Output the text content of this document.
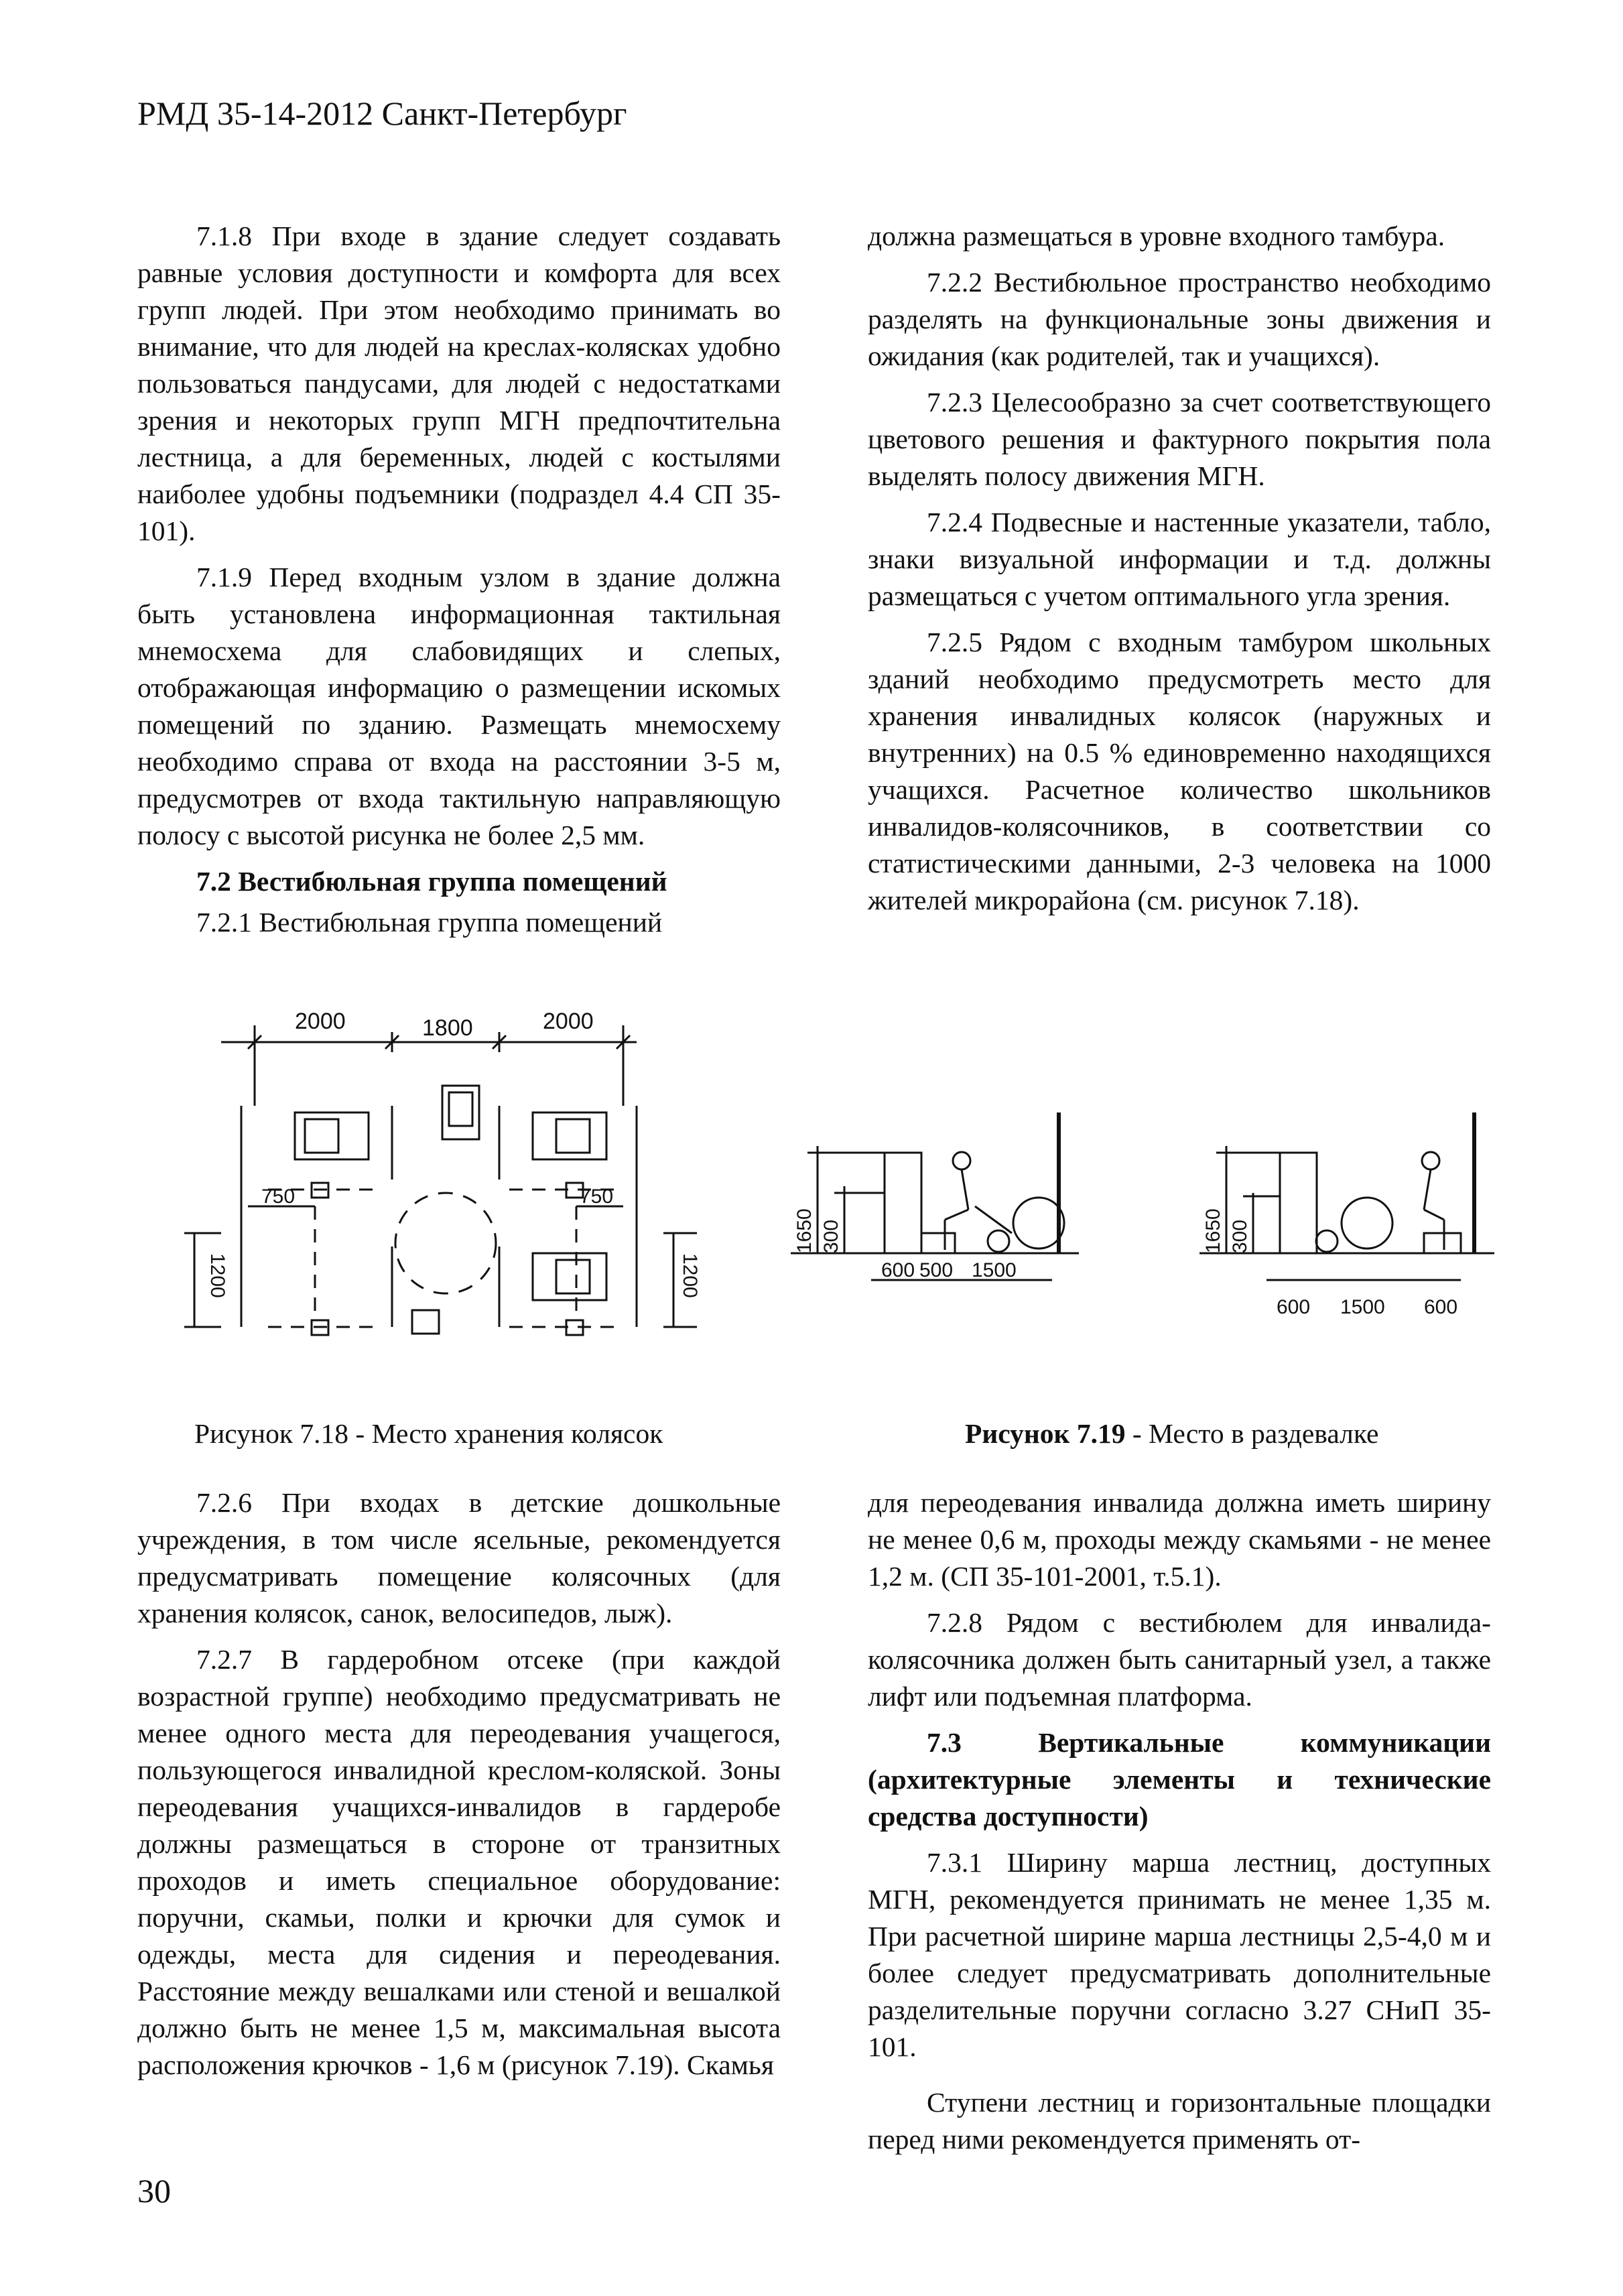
РМД 35-14-2012 Санкт-Петербург

7.1.8 При входе в здание следует создавать равные условия доступности и комфорта для всех групп людей. При этом необходимо принимать во внимание, что для людей на креслах-колясках удобно пользоваться пандусами, для людей с недостатками зрения и некоторых групп МГН предпочтительна лестница, а для беременных, людей с костылями наиболее удобны подъемники (подраздел 4.4 СП 35-101).

7.1.9 Перед входным узлом в здание должна быть установлена информационная тактильная мнемосхема для слабовидящих и слепых, отображающая информацию о размещении искомых помещений по зданию. Размещать мнемосхему необходимо справа от входа на расстоянии 3-5 м, предусмотрев от входа тактильную направляющую полосу с высотой рисунка не более 2,5 мм.

7.2 Вестибюльная группа помещений

7.2.1 Вестибюльная группа помещений

должна размещаться в уровне входного тамбура.

7.2.2 Вестибюльное пространство необходимо разделять на функциональные зоны движения и ожидания (как родителей, так и учащихся).

7.2.3 Целесообразно за счет соответствующего цветового решения и фактурного покрытия пола выделять полосу движения МГН.

7.2.4 Подвесные и настенные указатели, табло, знаки визуальной информации и т.д. должны размещаться с учетом оптимального угла зрения.

7.2.5 Рядом с входным тамбуром школьных зданий необходимо предусмотреть место для хранения инвалидных колясок (наружных и внутренних) на 0.5 % единовременно находящихся учащихся. Расчетное количество школьников инвалидов-колясочников, в соответствии со статистическими данными, 2-3 человека на 1000 жителей микрорайона (см. рисунок 7.18).

2000	1800	2000
750	750
1200	1200
1650 300
600 500 1500
1650 300
600 1500 600
Рисунок 7.18 - Место хранения колясок	Рисунок 7.19 - Место в раздевалке

7.2.6 При входах в детские дошкольные учреждения, в том числе ясельные, рекомендуется предусматривать помещение колясочных (для хранения колясок, санок, велосипедов, лыж).

7.2.7 В гардеробном отсеке (при каждой возрастной группе) необходимо предусматривать не менее одного места для переодевания учащегося, пользующегося инвалидной креслом-коляской. Зоны переодевания учащихся-инвалидов в гардеробе должны размещаться в стороне от транзитных проходов и иметь специальное оборудование: поручни, скамьи, полки и крючки для сумок и одежды, места для сидения и переодевания. Расстояние между вешалками или стеной и вешалкой должно быть не менее 1,5 м, максимальная высота расположения крючков - 1,6 м (рисунок 7.19). Скамья

для переодевания инвалида должна иметь ширину не менее 0,6 м, проходы между скамьями - не менее 1,2 м. (СП 35-101-2001, т.5.1).

7.2.8 Рядом с вестибюлем для инвалида-колясочника должен быть санитарный узел, а также лифт или подъемная платформа.

7.3 Вертикальные коммуникации (архитектурные элементы и технические средства доступности)

7.3.1 Ширину марша лестниц, доступных МГН, рекомендуется принимать не менее 1,35 м. При расчетной ширине марша лестницы 2,5-4,0 м и более следует предусматривать дополнительные разделительные поручни согласно 3.27 СНиП 35-101.

Ступени лестниц и горизонтальные площадки перед ними рекомендуется применять от-

30
